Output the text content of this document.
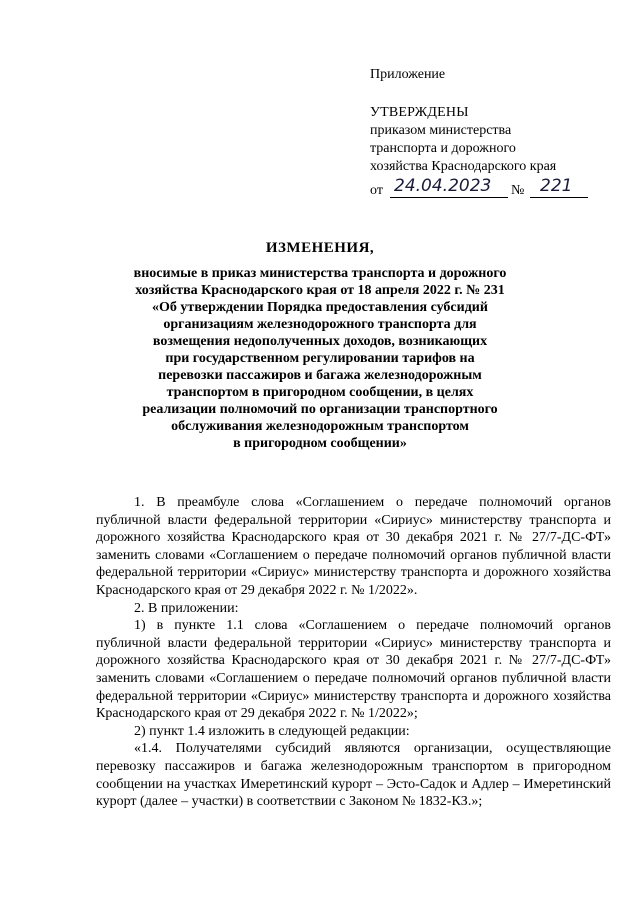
Приложение
УТВЕРЖДЕНЫ
приказом министерства
транспорта и дорожного
хозяйства Краснодарского края
от 24.04.2023 № 221
ИЗМЕНЕНИЯ,
вносимые в приказ министерства транспорта и дорожного
хозяйства Краснодарского края от 18 апреля 2022 г. № 231
«Об утверждении Порядка предоставления субсидий
организациям железнодорожного транспорта для
возмещения недополученных доходов, возникающих
при государственном регулировании тарифов на
перевозки пассажиров и багажа железнодорожным
транспортом в пригородном сообщении, в целях
реализации полномочий по организации транспортного
обслуживания железнодорожным транспортом
в пригородном сообщении»

1. В преамбуле слова «Соглашением о передаче полномочий органов публичной власти федеральной территории «Сириус» министерству транспорта и дорожного хозяйства Краснодарского края от 30 декабря 2021 г. № 27/7-ДС-ФТ» заменить словами «Соглашением о передаче полномочий органов публичной власти федеральной территории «Сириус» министерству транспорта и дорожного хозяйства Краснодарского края от 29 декабря 2022 г. № 1/2022».

2. В приложении:

1) в пункте 1.1 слова «Соглашением о передаче полномочий органов публичной власти федеральной территории «Сириус» министерству транспорта и дорожного хозяйства Краснодарского края от 30 декабря 2021 г. № 27/7-ДС-ФТ» заменить словами «Соглашением о передаче полномочий органов публичной власти федеральной территории «Сириус» министерству транспорта и дорожного хозяйства Краснодарского края от 29 декабря 2022 г. № 1/2022»;

2) пункт 1.4 изложить в следующей редакции:

«1.4. Получателями субсидий являются организации, осуществляющие перевозку пассажиров и багажа железнодорожным транспортом в пригородном сообщении на участках Имеретинский курорт – Эсто-Садок и Адлер – Имеретинский курорт (далее – участки) в соответствии с Законом № 1832-КЗ.»;
